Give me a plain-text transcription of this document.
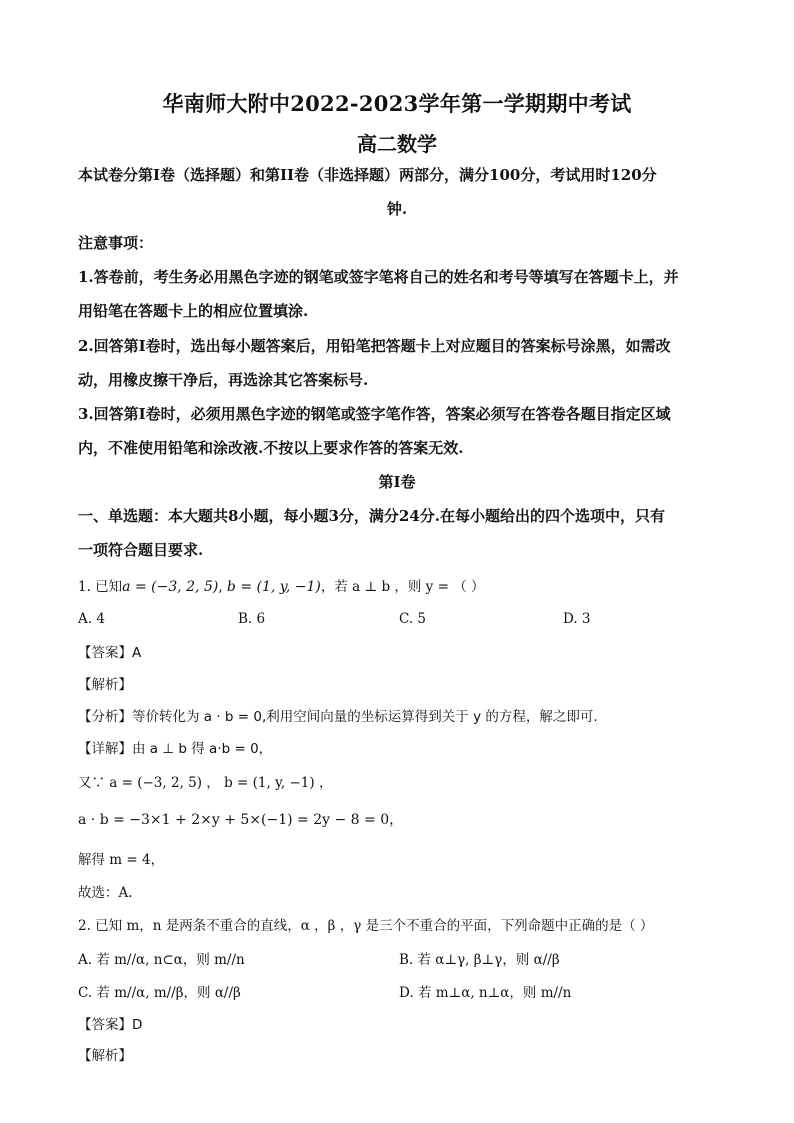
华南师大附中2022-2023学年第一学期期中考试
高二数学
本试卷分第I卷（选择题）和第II卷（非选择题）两部分，满分100分，考试用时120分
钟.
注意事项：
1.答卷前，考生务必用黑色字迹的钢笔或签字笔将自己的姓名和考号等填写在答题卡上，并
用铅笔在答题卡上的相应位置填涂.
2.回答第I卷时，选出每小题答案后，用铅笔把答题卡上对应题目的答案标号涂黑，如需改
动，用橡皮擦干净后，再选涂其它答案标号.
3.回答第I卷时，必须用黑色字迹的钢笔或签字笔作答，答案必须写在答卷各题目指定区域
内，不准使用铅笔和涂改液.不按以上要求作答的答案无效.
第I卷
一、单选题：本大题共8小题，每小题3分，满分24分.在每小题给出的四个选项中，只有
一项符合题目要求.
1. 已知a = (−3, 2, 5), b = (1, y, −1)，若 a ⊥ b ，则 y = （ ）
A. 4	B. 6	C. 5	D. 3
【答案】A
【解析】
【分析】等价转化为 a · b = 0,利用空间向量的坐标运算得到关于 y 的方程，解之即可.
【详解】由 a ⊥ b 得 a·b = 0，
又∵ a = (−3, 2, 5) ， b = (1, y, −1) ，
a · b = −3×1 + 2×y + 5×(−1) = 2y − 8 = 0，
解得 m = 4，
故选：A.
2. 已知 m，n 是两条不重合的直线，α ，β ，γ 是三个不重合的平面，下列命题中正确的是（ ）
A. 若 m//α, n⊂α，则 m//n	B. 若 α⊥γ, β⊥γ，则 α//β
C. 若 m//α, m//β，则 α//β	D. 若 m⊥α, n⊥α，则 m//n
【答案】D
【解析】
